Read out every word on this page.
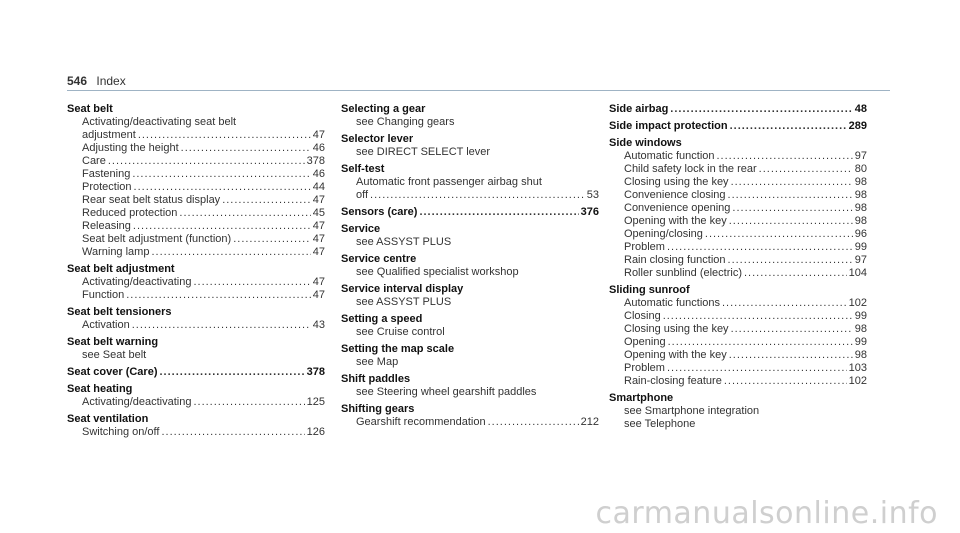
546 Index
Seat belt
Activating/deactivating seat belt
adjustment .....	47
Adjusting the height .....	46
Care .....	378
Fastening .....	46
Protection .....	44
Rear seat belt status display .....	47
Reduced protection .....	45
Releasing .....	47
Seat belt adjustment (function) .....	47
Warning lamp .....	47
Seat belt adjustment
Activating/deactivating .....	47
Function .....	47
Seat belt tensioners
Activation .....	43
Seat belt warning
see Seat belt
Seat cover (Care) .....	378
Seat heating
Activating/deactivating .....	125
Seat ventilation
Switching on/off .....	126
Selecting a gear
see Changing gears
Selector lever
see DIRECT SELECT lever
Self-test
Automatic front passenger airbag shut
off .....	53
Sensors (care) .....	376
Service
see ASSYST PLUS
Service centre
see Qualified specialist workshop
Service interval display
see ASSYST PLUS
Setting a speed
see Cruise control
Setting the map scale
see Map
Shift paddles
see Steering wheel gearshift paddles
Shifting gears
Gearshift recommendation .....	212
Side airbag .....	48
Side impact protection .....	289
Side windows
Automatic function .....	97
Child safety lock in the rear .....	80
Closing using the key .....	98
Convenience closing .....	98
Convenience opening .....	98
Opening with the key .....	98
Opening/closing .....	96
Problem .....	99
Rain closing function .....	97
Roller sunblind (electric) .....	104
Sliding sunroof
Automatic functions .....	102
Closing .....	99
Closing using the key .....	98
Opening .....	99
Opening with the key .....	98
Problem .....	103
Rain-closing feature .....	102
Smartphone
see Smartphone integration
see Telephone
carmanualsonline.info
